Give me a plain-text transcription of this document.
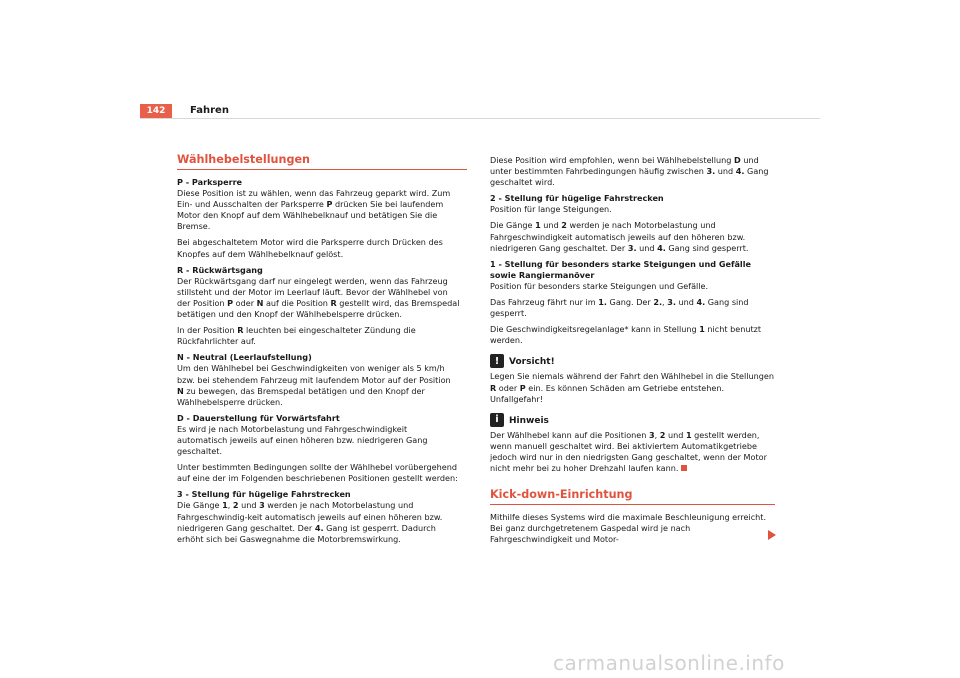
142	Fahren
Wählhebelstellungen

P - Parksperre

Diese Position ist zu wählen, wenn das Fahrzeug geparkt wird. Zum Ein- und Ausschalten der Parksperre P drücken Sie bei laufendem Motor den Knopf auf dem Wählhebelknauf und betätigen Sie die Bremse.

Bei abgeschaltetem Motor wird die Parksperre durch Drücken des Knopfes auf dem Wählhebelknauf gelöst.

R - Rückwärtsgang

Der Rückwärtsgang darf nur eingelegt werden, wenn das Fahrzeug stillsteht und der Motor im Leerlauf läuft. Bevor der Wählhebel von der Position P oder N auf die Position R gestellt wird, das Bremspedal betätigen und den Knopf der Wählhebelsperre drücken.

In der Position R leuchten bei eingeschalteter Zündung die Rückfahrlichter auf.

N - Neutral (Leerlaufstellung)

Um den Wählhebel bei Geschwindigkeiten von weniger als 5 km/h bzw. bei stehendem Fahrzeug mit laufendem Motor auf der Position N zu bewegen, das Bremspedal betätigen und den Knopf der Wählhebelsperre drücken.

D - Dauerstellung für Vorwärtsfahrt

Es wird je nach Motorbelastung und Fahrgeschwindigkeit automatisch jeweils auf einen höheren bzw. niedrigeren Gang geschaltet.

Unter bestimmten Bedingungen sollte der Wählhebel vorübergehend auf eine der im Folgenden beschriebenen Positionen gestellt werden:

3 - Stellung für hügelige Fahrstrecken

Die Gänge 1, 2 und 3 werden je nach Motorbelastung und Fahrgeschwindig-keit automatisch jeweils auf einen höheren bzw. niedrigeren Gang geschaltet. Der 4. Gang ist gesperrt. Dadurch erhöht sich bei Gaswegnahme die Motorbremswirkung.

Diese Position wird empfohlen, wenn bei Wählhebelstellung D und unter bestimmten Fahrbedingungen häufig zwischen 3. und 4. Gang geschaltet wird.

2 - Stellung für hügelige Fahrstrecken

Position für lange Steigungen.

Die Gänge 1 und 2 werden je nach Motorbelastung und Fahrgeschwindigkeit automatisch jeweils auf den höheren bzw. niedrigeren Gang geschaltet. Der 3. und 4. Gang sind gesperrt.

1 - Stellung für besonders starke Steigungen und Gefälle sowie Rangiermanöver

Position für besonders starke Steigungen und Gefälle.

Das Fahrzeug fährt nur im 1. Gang. Der 2., 3. und 4. Gang sind gesperrt.

Die Geschwindigkeitsregelanlage* kann in Stellung 1 nicht benutzt werden.

!	Vorsicht!

Legen Sie niemals während der Fahrt den Wählhebel in die Stellungen R oder P ein. Es können Schäden am Getriebe entstehen. Unfallgefahr!

i	Hinweis

Der Wählhebel kann auf die Positionen 3, 2 und 1 gestellt werden, wenn manuell geschaltet wird. Bei aktiviertem Automatikgetriebe jedoch wird nur in den niedrigsten Gang geschaltet, wenn der Motor nicht mehr bei zu hoher Drehzahl laufen kann.

Kick-down-Einrichtung

Mithilfe dieses Systems wird die maximale Beschleunigung erreicht. Bei ganz durchgetretenem Gaspedal wird je nach Fahrgeschwindigkeit und Motor-

carmanualsonline.info
